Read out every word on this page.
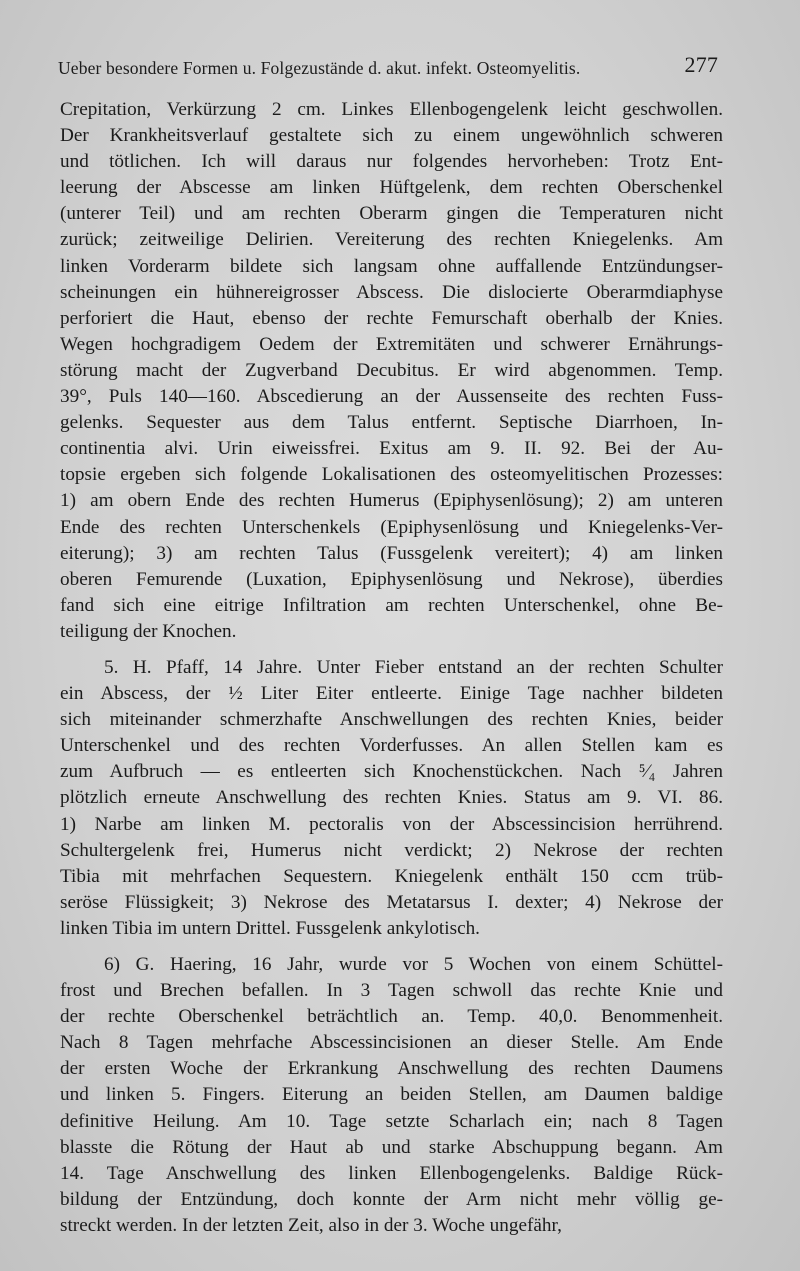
Ueber besondere Formen u. Folgezustände d. akut. infekt. Osteomyelitis.	277
Crepitation, Verkürzung 2 cm. Linkes Ellenbogengelenk leicht geschwollen.
Der Krankheitsverlauf gestaltete sich zu einem ungewöhnlich schweren
und tötlichen. Ich will daraus nur folgendes hervorheben: Trotz Ent-
leerung der Abscesse am linken Hüftgelenk, dem rechten Oberschenkel
(unterer Teil) und am rechten Oberarm gingen die Temperaturen nicht
zurück; zeitweilige Delirien. Vereiterung des rechten Kniegelenks. Am
linken Vorderarm bildete sich langsam ohne auffallende Entzündungser-
scheinungen ein hühnereigrosser Abscess. Die dislocierte Oberarmdiaphyse
perforiert die Haut, ebenso der rechte Femurschaft oberhalb der Knies.
Wegen hochgradigem Oedem der Extremitäten und schwerer Ernährungs-
störung macht der Zugverband Decubitus. Er wird abgenommen. Temp.
39°, Puls 140—160. Abscedierung an der Aussenseite des rechten Fuss-
gelenks. Sequester aus dem Talus entfernt. Septische Diarrhoen, In-
continentia alvi. Urin eiweissfrei. Exitus am 9. II. 92. Bei der Au-
topsie ergeben sich folgende Lokalisationen des osteomyelitischen Prozesses:
1) am obern Ende des rechten Humerus (Epiphysenlösung); 2) am unteren
Ende des rechten Unterschenkels (Epiphysenlösung und Kniegelenks-Ver-
eiterung); 3) am rechten Talus (Fussgelenk vereitert); 4) am linken
oberen Femurende (Luxation, Epiphysenlösung und Nekrose), überdies
fand sich eine eitrige Infiltration am rechten Unterschenkel, ohne Be-
teiligung der Knochen.
5. H. Pfaff, 14 Jahre. Unter Fieber entstand an der rechten Schulter
ein Abscess, der ½ Liter Eiter entleerte. Einige Tage nachher bildeten
sich miteinander schmerzhafte Anschwellungen des rechten Knies, beider
Unterschenkel und des rechten Vorderfusses. An allen Stellen kam es
zum Aufbruch — es entleerten sich Knochenstückchen. Nach ⁵⁄₄ Jahren
plötzlich erneute Anschwellung des rechten Knies. Status am 9. VI. 86.
1) Narbe am linken M. pectoralis von der Abscessincision herrührend.
Schultergelenk frei, Humerus nicht verdickt; 2) Nekrose der rechten
Tibia mit mehrfachen Sequestern. Kniegelenk enthält 150 ccm trüb-
seröse Flüssigkeit; 3) Nekrose des Metatarsus I. dexter; 4) Nekrose der
linken Tibia im untern Drittel. Fussgelenk ankylotisch.
6) G. Haering, 16 Jahr, wurde vor 5 Wochen von einem Schüttel-
frost und Brechen befallen. In 3 Tagen schwoll das rechte Knie und
der rechte Oberschenkel beträchtlich an. Temp. 40,0. Benommenheit.
Nach 8 Tagen mehrfache Abscessincisionen an dieser Stelle. Am Ende
der ersten Woche der Erkrankung Anschwellung des rechten Daumens
und linken 5. Fingers. Eiterung an beiden Stellen, am Daumen baldige
definitive Heilung. Am 10. Tage setzte Scharlach ein; nach 8 Tagen
blasste die Rötung der Haut ab und starke Abschuppung begann. Am
14. Tage Anschwellung des linken Ellenbogengelenks. Baldige Rück-
bildung der Entzündung, doch konnte der Arm nicht mehr völlig ge-
streckt werden. In der letzten Zeit, also in der 3. Woche ungefähr,
